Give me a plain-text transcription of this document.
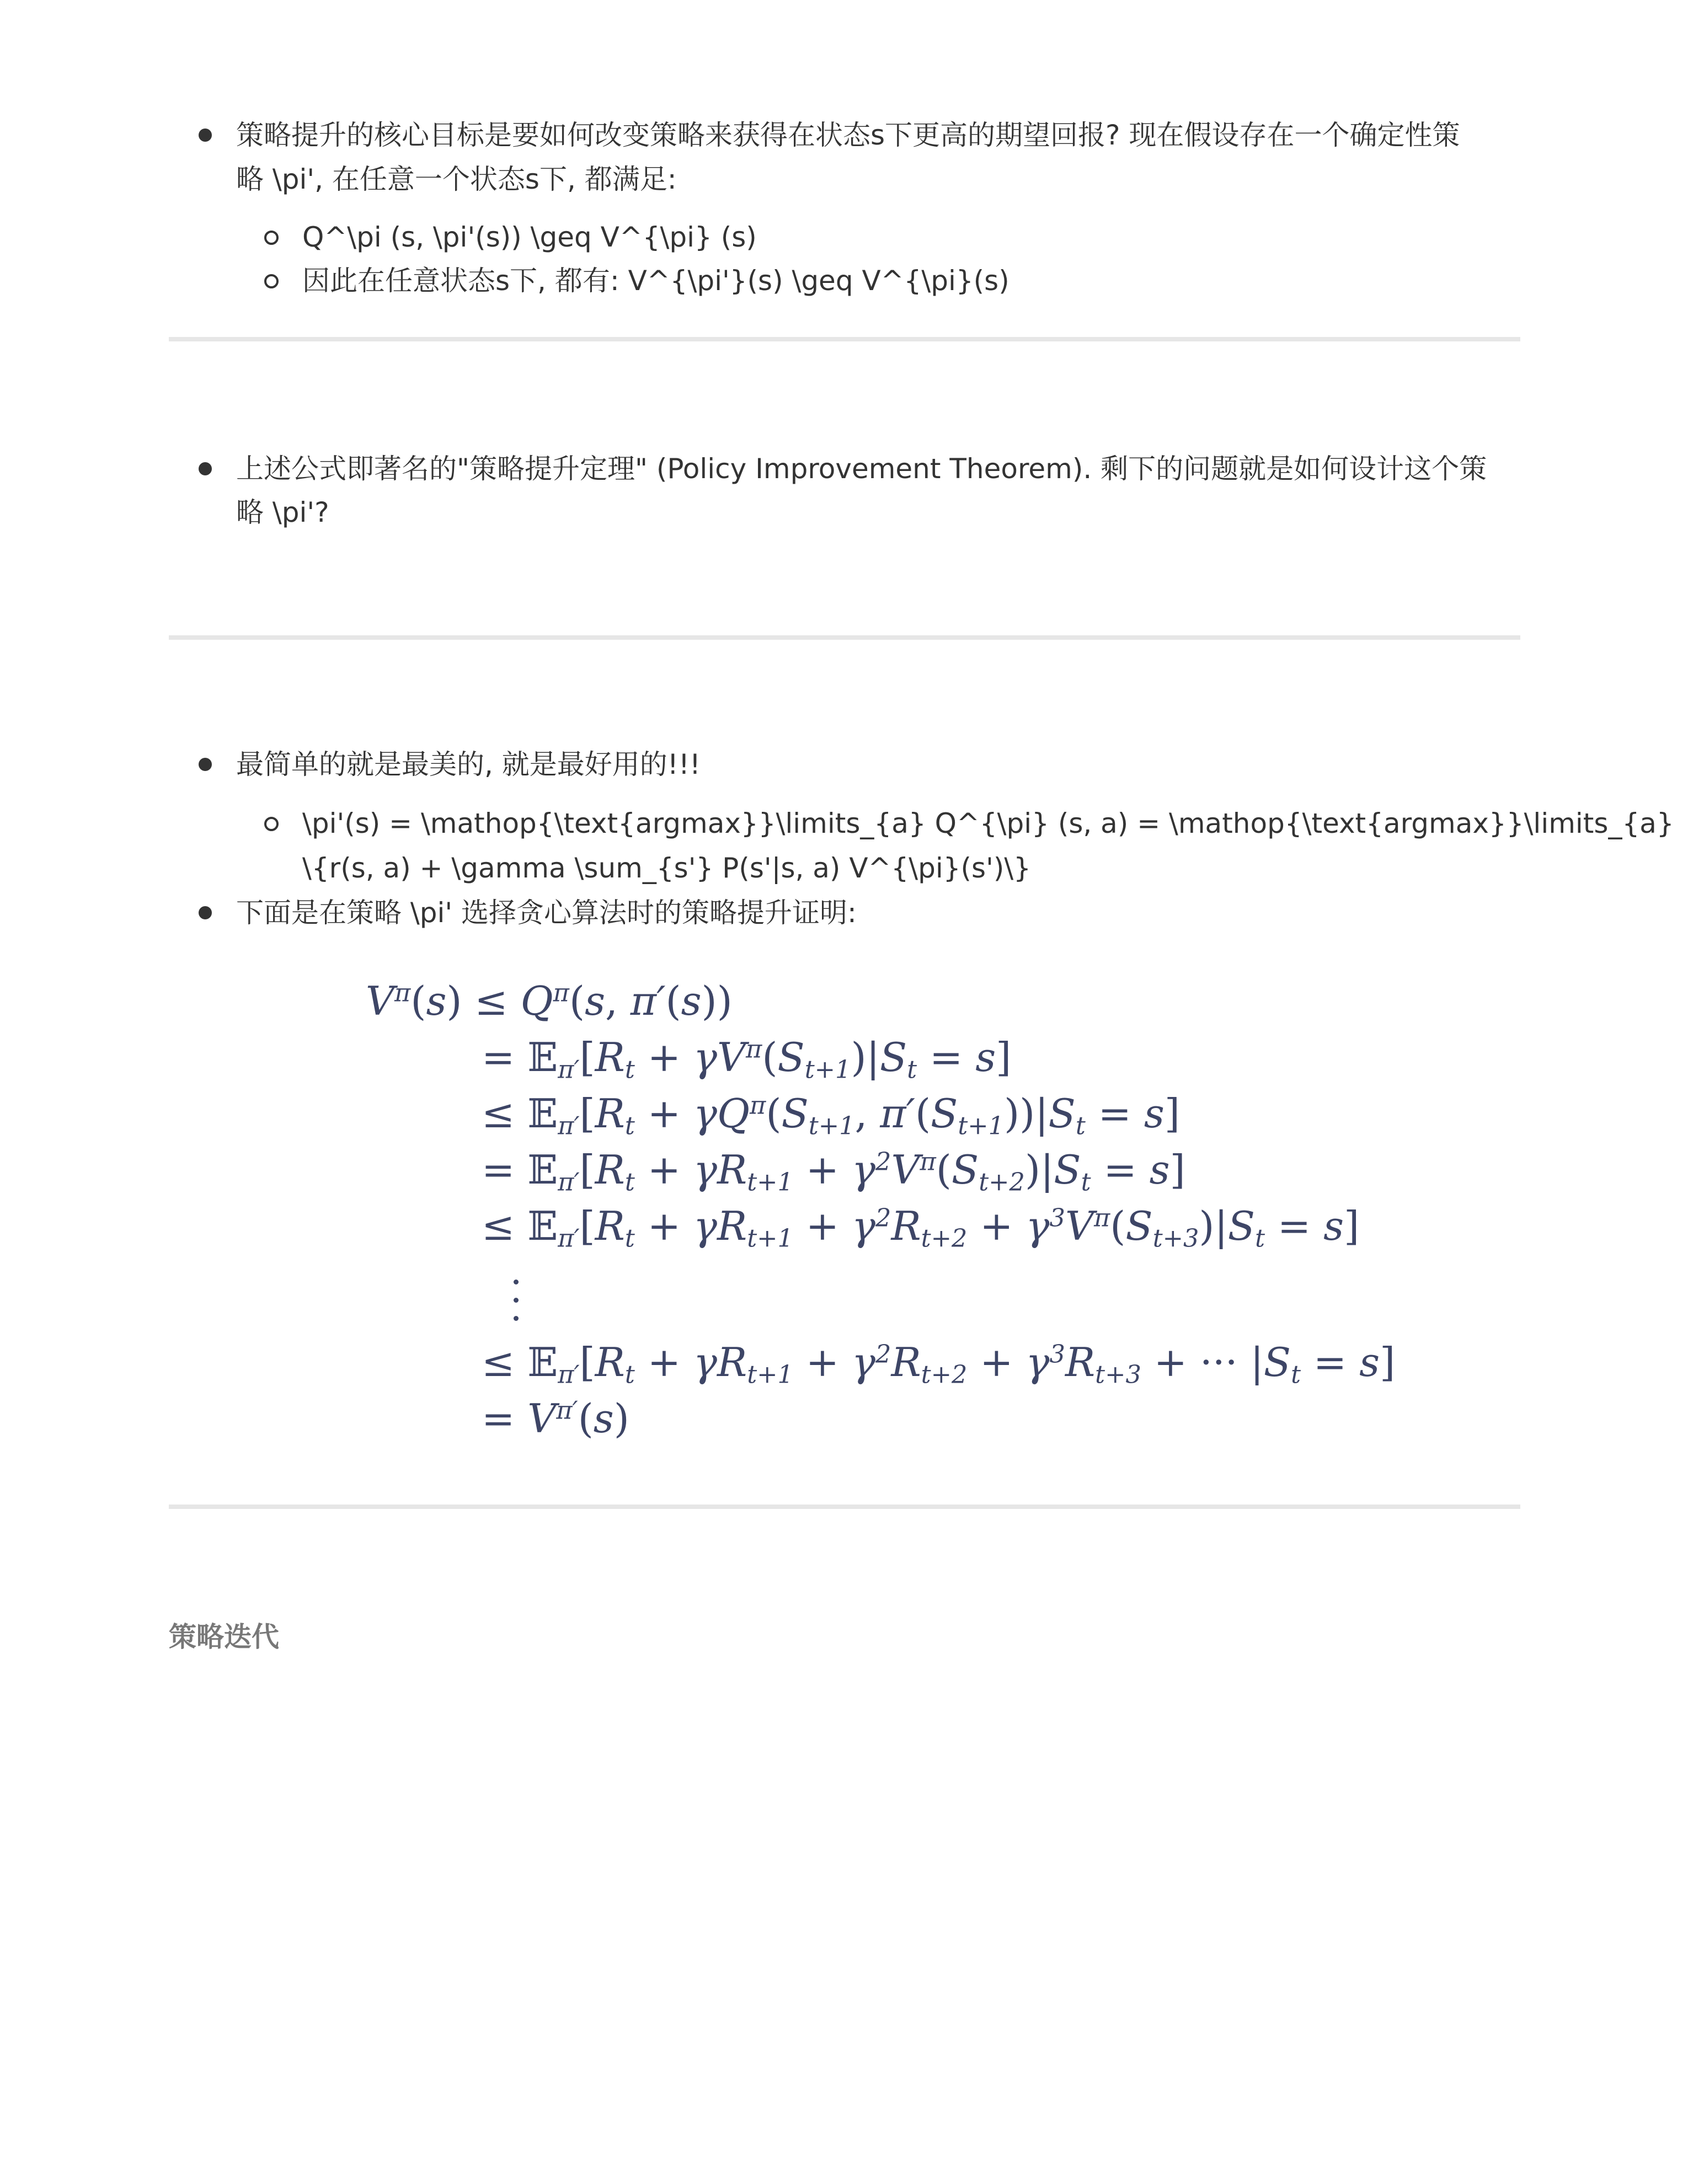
策略提升的核心目标是要如何改变策略来获得在状态s下更高的期望回报? 现在假设存在一个确定性策
略 \pi', 在任意一个状态s下, 都满足:
Q^\pi (s, \pi'(s)) \geq V^{\pi} (s)
因此在任意状态s下, 都有: V^{\pi'}(s) \geq V^{\pi}(s)
上述公式即著名的"策略提升定理" (Policy Improvement Theorem). 剩下的问题就是如何设计这个策
略 \pi'?
最简单的就是最美的, 就是最好用的!!!
\pi'(s) = \mathop{\text{argmax}}\limits_{a} Q^{\pi} (s, a) = \mathop{\text{argmax}}\limits_{a}
\{r(s, a) + \gamma \sum_{s'} P(s'|s, a) V^{\pi}(s')\}
下面是在策略 \pi' 选择贪心算法时的策略提升证明:
$V^\pi(s) \le Q^\pi(s$, π′(s))
= $𝔼_{\pi'}[R_t + \gamma V^\pi(S_{t+1})|S_t = s]$
≤ $𝔼_{\pi'}[R_t + \gamma Q^\pi(S_{t+1}$, $\pi'(S_{t+1}))|S_t = s$]
= $𝔼_{\pi'}[R_t + \gamma R_{t+1} + \gamma^2V^\pi(S_{t+2})|S_t = s]$
≤ $𝔼_{\pi'}[R_t + \gamma R_{t+1} + \gamma^2R_{t+2} + \gamma^3V^\pi(S_{t+3})|S_t = s]$
≤ $𝔼_{\pi'}[R_t + \gamma R_{t+1} + \gamma^2R_{t+2} + \gamma^3R_{t+3}$ + ··· $|S_t = s$]
= $V^{\pi'}(s)$
策略迭代
